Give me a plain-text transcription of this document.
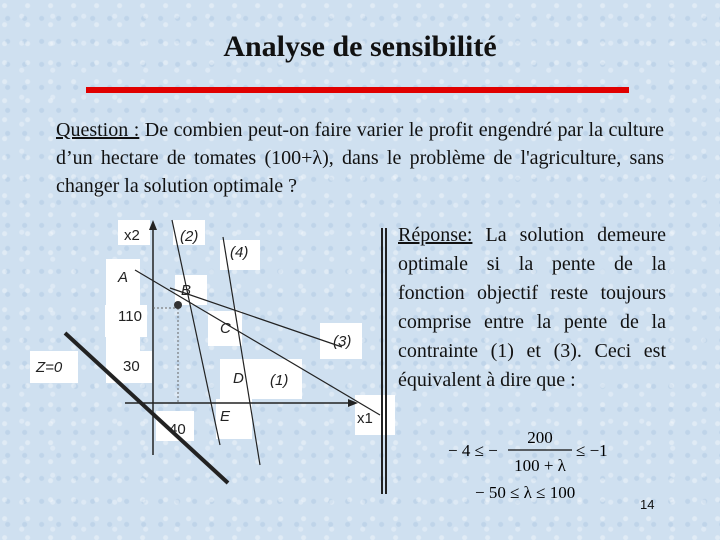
Analyse de sensibilité
Question : De combien peut-on faire varier le profit engendré par la culture d’un hectare de tomates (100+λ), dans le problème de l'agriculture, sans changer la solution optimale ?
x2
x1
(2)
(4)
(3)
(1)
A
B
C
D
E
110
30
40
Z=0
Réponse: La solution demeure optimale si la pente de la fonction objectif reste toujours comprise entre la pente de la contrainte (1) et (3). Ceci est équivalent à dire que :
− 4 ≤ −
200
100 + λ
≤ −1
− 50 ≤ λ ≤ 100
14
